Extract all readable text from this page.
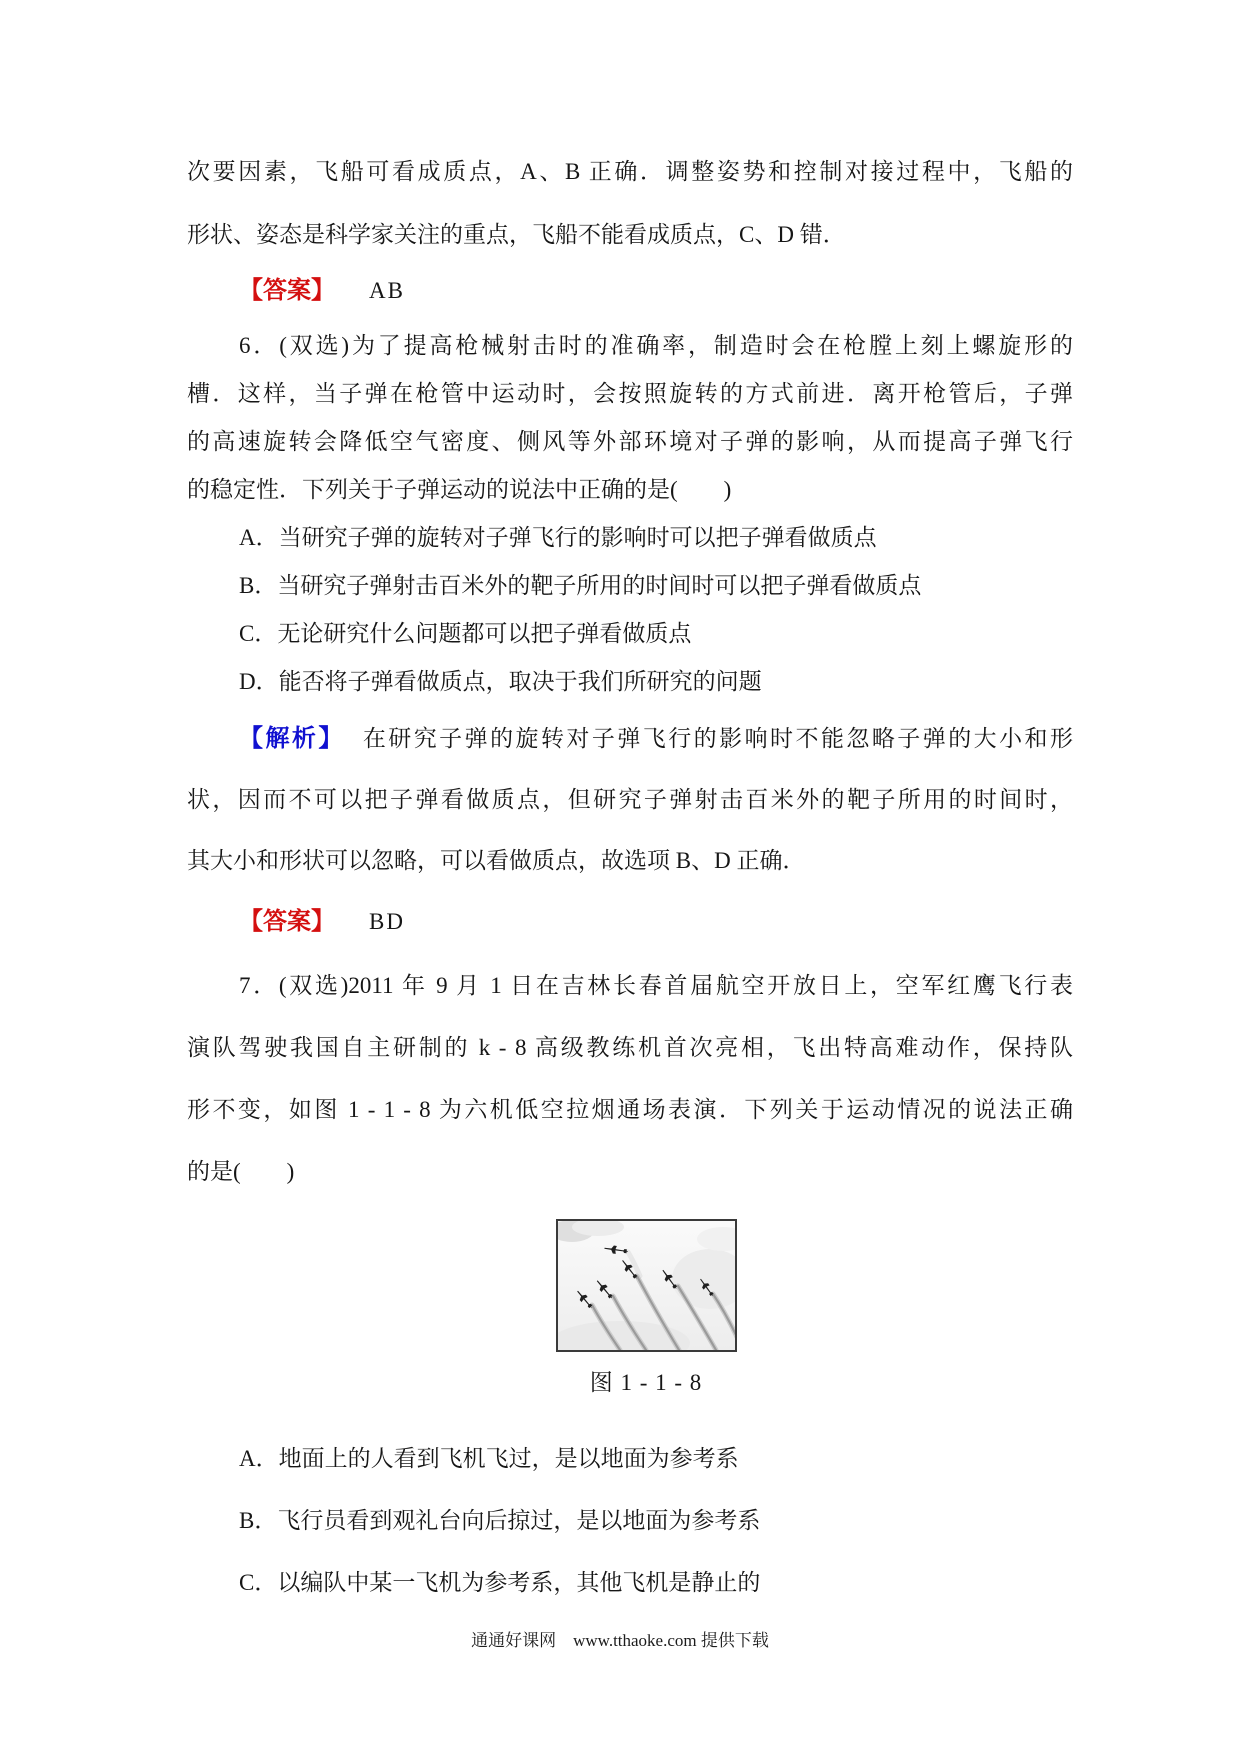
次要因素，飞船可看成质点，A、B 正确．调整姿势和控制对接过程中，飞船的
形状、姿态是科学家关注的重点，飞船不能看成质点，C、D 错．
【答案】 AB
6．(双选)为了提高枪械射击时的准确率，制造时会在枪膛上刻上螺旋形的
槽．这样，当子弹在枪管中运动时，会按照旋转的方式前进．离开枪管后，子弹
的高速旋转会降低空气密度、侧风等外部环境对子弹的影响，从而提高子弹飞行
的稳定性．下列关于子弹运动的说法中正确的是(　　)
A．当研究子弹的旋转对子弹飞行的影响时可以把子弹看做质点
B．当研究子弹射击百米外的靶子所用的时间时可以把子弹看做质点
C．无论研究什么问题都可以把子弹看做质点
D．能否将子弹看做质点，取决于我们所研究的问题
【解析】 在研究子弹的旋转对子弹飞行的影响时不能忽略子弹的大小和形
状，因而不可以把子弹看做质点，但研究子弹射击百米外的靶子所用的时间时，
其大小和形状可以忽略，可以看做质点，故选项 B、D 正确．
【答案】 BD
7．(双选)2011 年 9 月 1 日在吉林长春首届航空开放日上，空军红鹰飞行表
演队驾驶我国自主研制的 k - 8 高级教练机首次亮相，飞出特高难动作，保持队
形不变，如图 1 - 1 - 8 为六机低空拉烟通场表演．下列关于运动情况的说法正确
的是(　　)
图 1 - 1 - 8
A．地面上的人看到飞机飞过，是以地面为参考系
B．飞行员看到观礼台向后掠过，是以地面为参考系
C．以编队中某一飞机为参考系，其他飞机是静止的
通通好课网　www.tthaoke.com 提供下载
